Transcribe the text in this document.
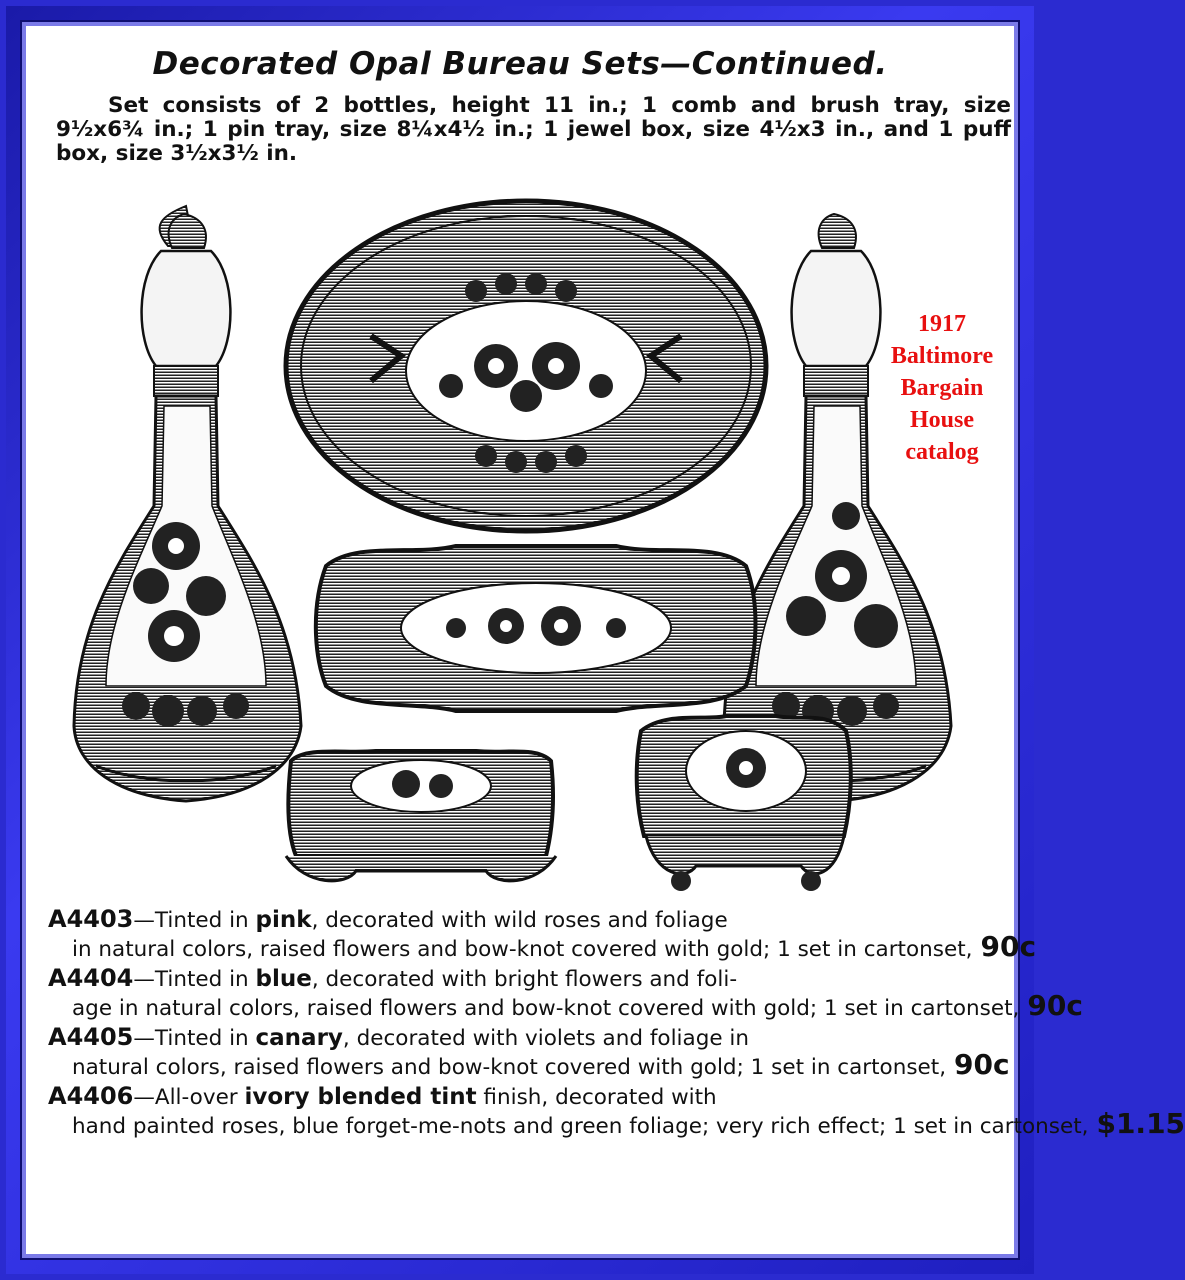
Decorated Opal Bureau Sets—Continued.
Set consists of 2 bottles, height 11 in.; 1 comb and brush tray, size 9½x6¾ in.; 1 pin tray, size 8¼x4½ in.; 1 jewel box, size 4½x3 in., and 1 puff box, size 3½x3½ in.
1917
Baltimore
Bargain
House
catalog
A4403—Tinted in pink, decorated with wild roses and foliage
in natural colors, raised flowers and bow-knot covered with gold; 1 set in carton set, 90c
A4404—Tinted in blue, decorated with bright flowers and foli-
age in natural colors, raised flowers and bow-knot covered with gold; 1 set in carton set, 90c
A4405—Tinted in canary, decorated with violets and foliage in
natural colors, raised flowers and bow-knot covered with gold; 1 set in carton set, 90c
A4406—All-over ivory blended tint finish, decorated with
hand painted roses, blue forget-me-nots and green foliage; very rich effect; 1 set in carton set, $1.15
